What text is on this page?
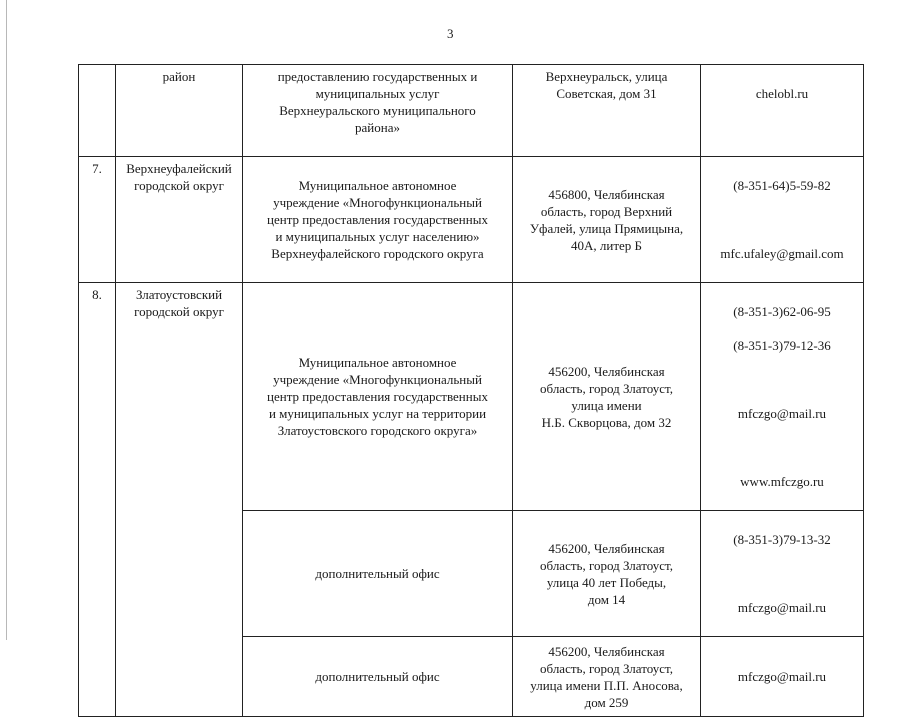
3
	район	предоставлению государственных и
муниципальных услуг
Верхнеуральского муниципального
района»	Верхнеуральск, улица
Советская, дом 31	chelobl.ru

7.	Верхнеуфалейский
городской округ	Муниципальное автономное
учреждение «Многофункциональный
центр предоставления государственных
и муниципальных услуг населению»
Верхнеуфалейского городского округа	456800, Челябинская
область, город Верхний
Уфалей, улица Прямицына,
40А, литер Б	(8-351-64)5-59-82

mfc.ufaley@gmail.com

8.	Златоустовский
городской округ	Муниципальное автономное
учреждение «Многофункциональный
центр предоставления государственных
и муниципальных услуг на территории
Златоустовского городского округа»	456200, Челябинская
область, город Златоуст,
улица имени
Н.Б. Скворцова, дом 32	(8-351-3)62-06-95

(8-351-3)79-12-36

mfczgo@mail.ru

www.mfczgo.ru

		дополнительный офис	456200, Челябинская
область, город Златоуст,
улица 40 лет Победы,
дом 14	(8-351-3)79-13-32

mfczgo@mail.ru

		дополнительный офис	456200, Челябинская
область, город Златоуст,
улица имени П.П. Аносова,
дом 259	mfczgo@mail.ru
